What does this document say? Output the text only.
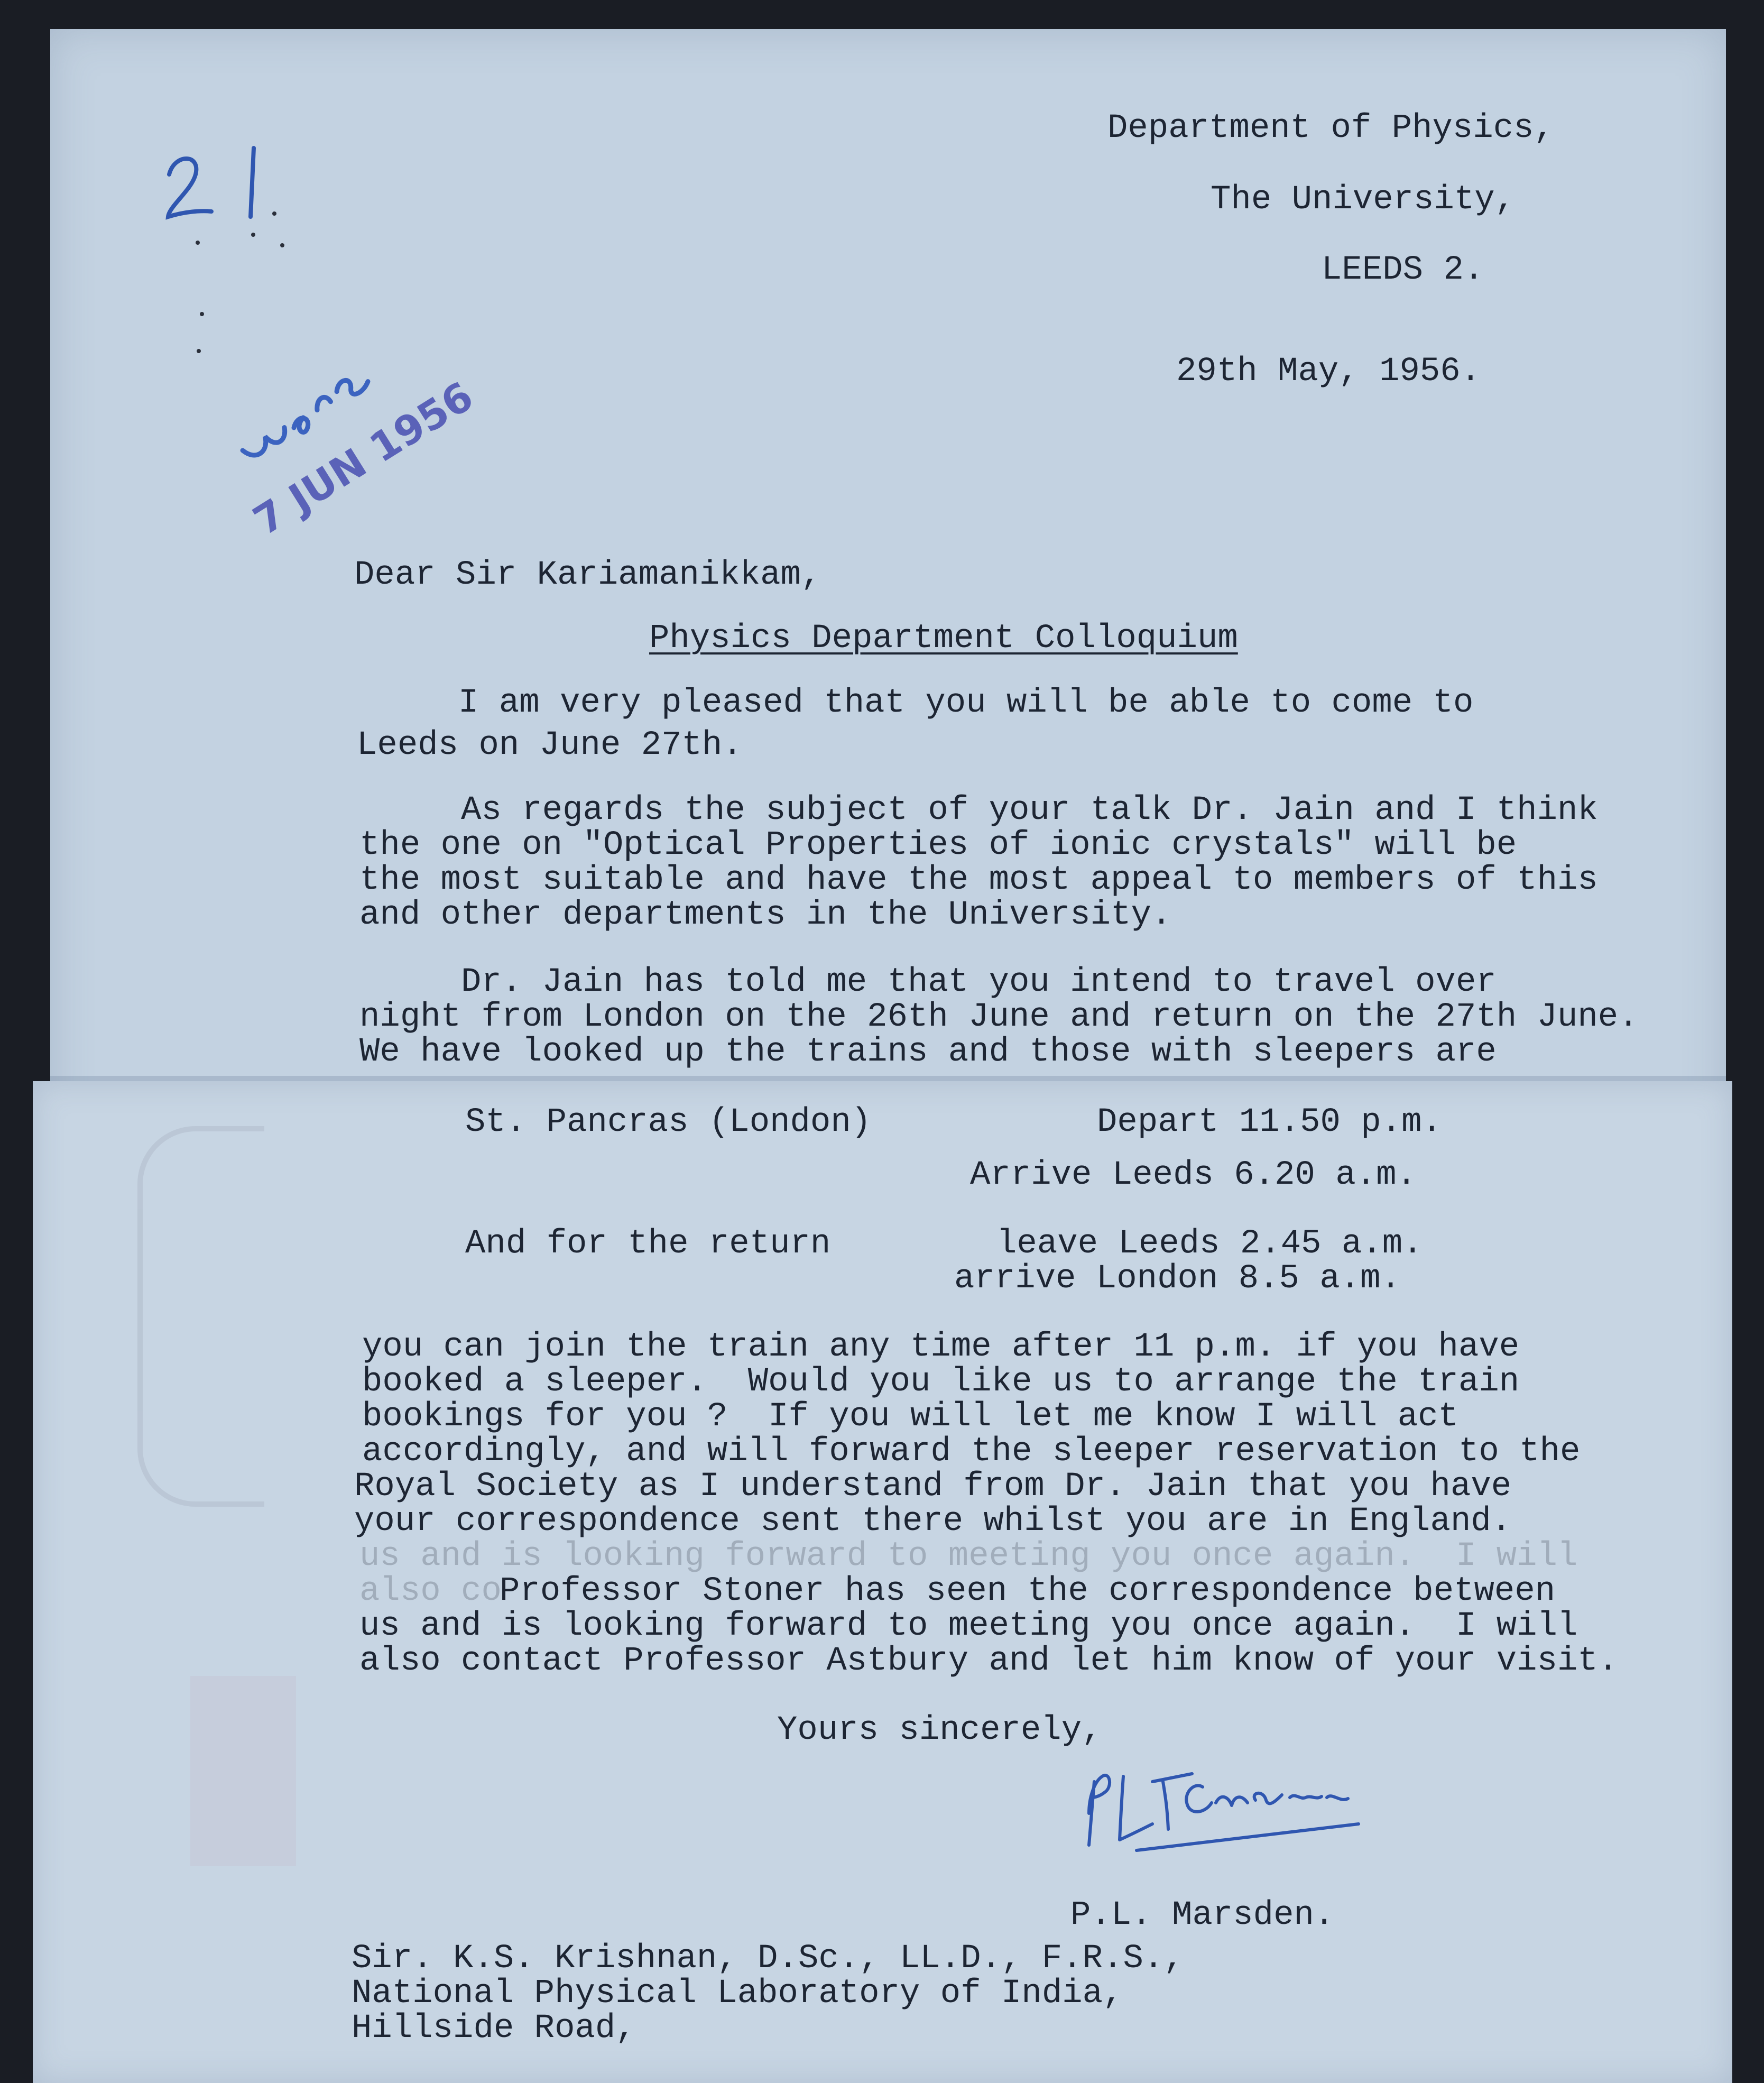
7 JUN 1956

Department of Physics,

The University,

LEEDS 2.

29th May, 1956.

Dear Sir Kariamanikkam,

Physics Department Colloquium

I am very pleased that you will be able to come to

Leeds on June 27th.

As regards the subject of your talk Dr. Jain and I think

the one on "Optical Properties of ionic crystals" will be

the most suitable and have the most appeal to members of this

and other departments in the University.

Dr. Jain has told me that you intend to travel over

night from London on the 26th June and return on the 27th June.

We have looked up the trains and those with sleepers are

St. Pancras (London)	Depart 11.50 p.m.

Arrive Leeds 6.20 a.m.

And for the return	leave Leeds 2.45 a.m.

arrive London 8.5 a.m.

you can join the train any time after 11 p.m. if you have

booked a sleeper.  Would you like us to arrange the train

bookings for you ?  If you will let me know I will act

accordingly, and will forward the sleeper reservation to the

Royal Society as I understand from Dr. Jain that you have

your correspondence sent there whilst you are in England.

us and is looking forward to meeting you once again.  I will

also co

Professor Stoner has seen the correspondence between

us and is looking forward to meeting you once again.  I will

also contact Professor Astbury and let him know of your visit.

Yours sincerely,

P.L. Marsden.

Sir. K.S. Krishnan, D.Sc., LL.D., F.R.S.,

National Physical Laboratory of India,

Hillside Road,
